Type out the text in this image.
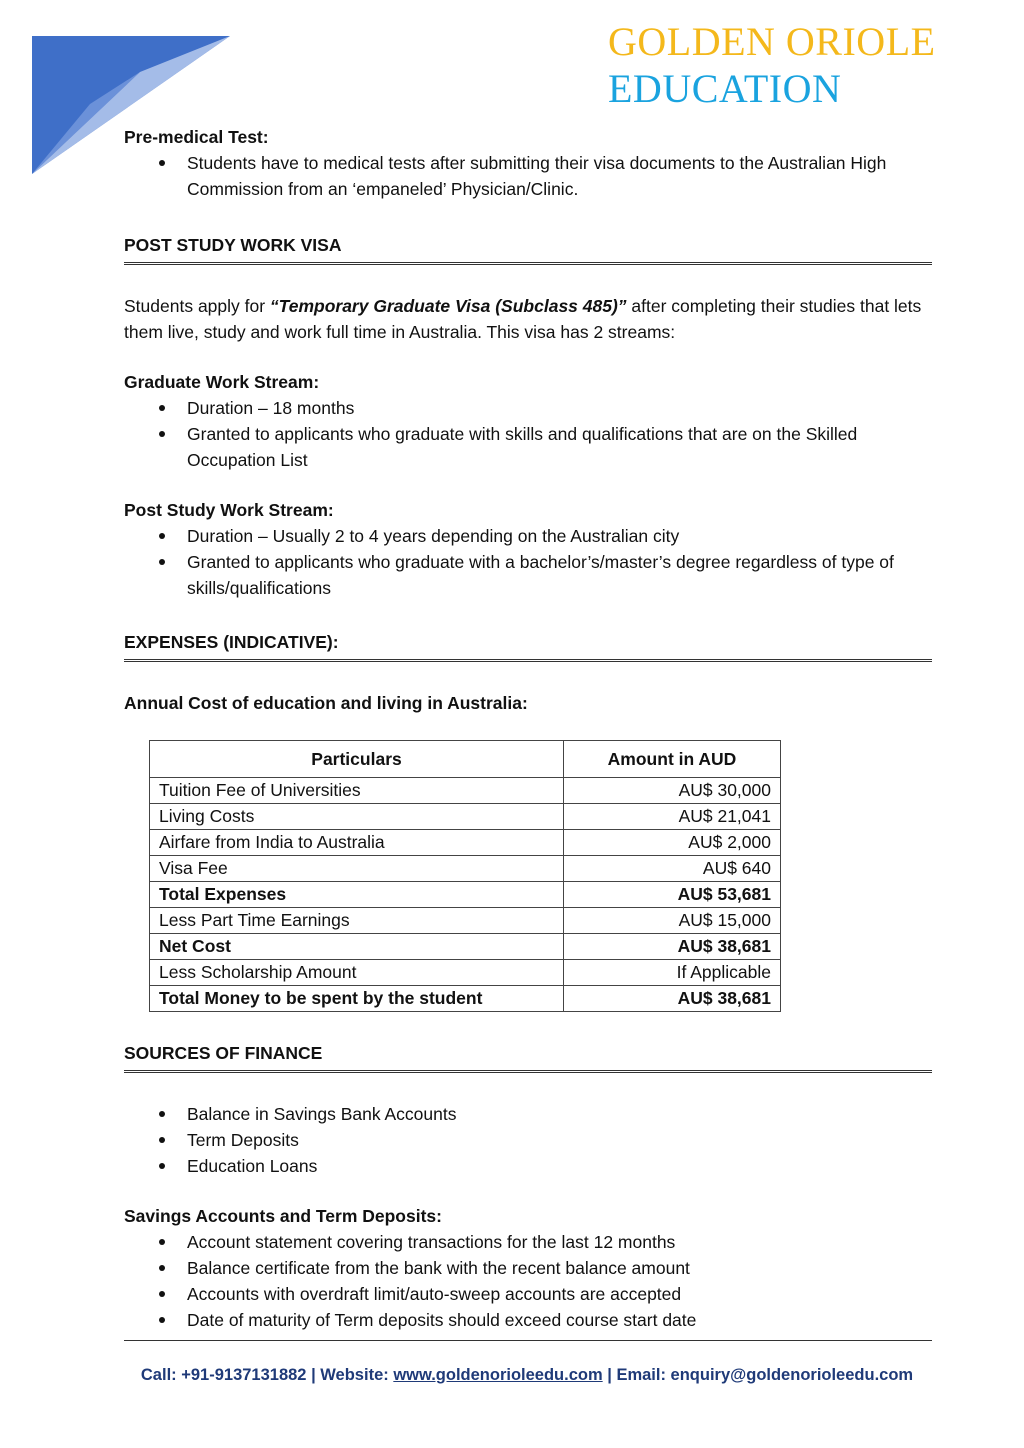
GOLDEN ORIOLE
EDUCATION
Pre-medical Test:
Students have to medical tests after submitting their visa documents to the Australian High Commission from an ‘empaneled’ Physician/Clinic.
POST STUDY WORK VISA

Students apply for “Temporary Graduate Visa (Subclass 485)” after completing their studies that lets them live, study and work full time in Australia. This visa has 2 streams:

Graduate Work Stream:
Duration – 18 months
Granted to applicants who graduate with skills and qualifications that are on the Skilled Occupation List
Post Study Work Stream:
Duration – Usually 2 to 4 years depending on the Australian city
Granted to applicants who graduate with a bachelor’s/master’s degree regardless of type of skills/qualifications
EXPENSES (INDICATIVE):
Annual Cost of education and living in Australia:
Particulars	Amount in AUD
Tuition Fee of Universities	AU$ 30,000
Living Costs	AU$ 21,041
Airfare from India to Australia	AU$ 2,000
Visa Fee	AU$ 640
Total Expenses	AU$ 53,681
Less Part Time Earnings	AU$ 15,000
Net Cost	AU$ 38,681
Less Scholarship Amount	If Applicable
Total Money to be spent by the student	AU$ 38,681
SOURCES OF FINANCE
Balance in Savings Bank Accounts
Term Deposits
Education Loans
Savings Accounts and Term Deposits:
Account statement covering transactions for the last 12 months
Balance certificate from the bank with the recent balance amount
Accounts with overdraft limit/auto-sweep accounts are accepted
Date of maturity of Term deposits should exceed course start date
Call: +91-9137131882 | Website: www.goldenorioleedu.com | Email: enquiry@goldenorioleedu.com
